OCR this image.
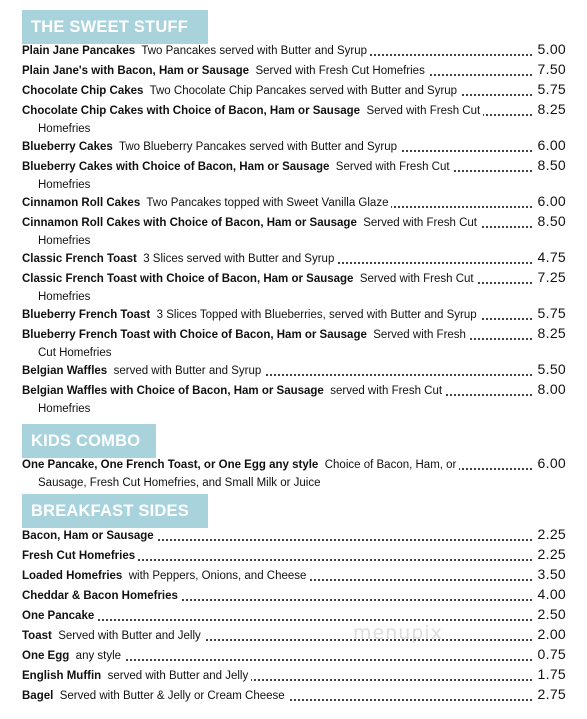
THE SWEET STUFF
Plain Jane Pancakes Two Pancakes served with Butter and Syrup	5.00
Plain Jane's with Bacon, Ham or Sausage Served with Fresh Cut Homefries	7.50
Chocolate Chip Cakes Two Chocolate Chip Pancakes served with Butter and Syrup	5.75
Chocolate Chip Cakes with Choice of Bacon, Ham or Sausage Served with Fresh Cut	8.25
Homefries
Blueberry Cakes Two Blueberry Pancakes served with Butter and Syrup	6.00
Blueberry Cakes with Choice of Bacon, Ham or Sausage Served with Fresh Cut	8.50
Homefries
Cinnamon Roll Cakes Two Pancakes topped with Sweet Vanilla Glaze	6.00
Cinnamon Roll Cakes with Choice of Bacon, Ham or Sausage Served with Fresh Cut	8.50
Homefries
Classic French Toast 3 Slices served with Butter and Syrup	4.75
Classic French Toast with Choice of Bacon, Ham or Sausage Served with Fresh Cut	7.25
Homefries
Blueberry French Toast 3 Slices Topped with Blueberries, served with Butter and Syrup	5.75
Blueberry French Toast with Choice of Bacon, Ham or Sausage Served with Fresh	8.25
Cut Homefries
Belgian Waffles served with Butter and Syrup	5.50
Belgian Waffles with Choice of Bacon, Ham or Sausage served with Fresh Cut	8.00
Homefries
KIDS COMBO
One Pancake, One French Toast, or One Egg any style Choice of Bacon, Ham, or	6.00
Sausage, Fresh Cut Homefries, and Small Milk or Juice
BREAKFAST SIDES
Bacon, Ham or Sausage	2.25
Fresh Cut Homefries	2.25
Loaded Homefries with Peppers, Onions, and Cheese	3.50
Cheddar & Bacon Homefries	4.00
One Pancake	2.50
Toast Served with Butter and Jelly	2.00
One Egg any style	0.75
English Muffin served with Butter and Jelly	1.75
Bagel Served with Butter & Jelly or Cream Cheese	2.75
menupix
